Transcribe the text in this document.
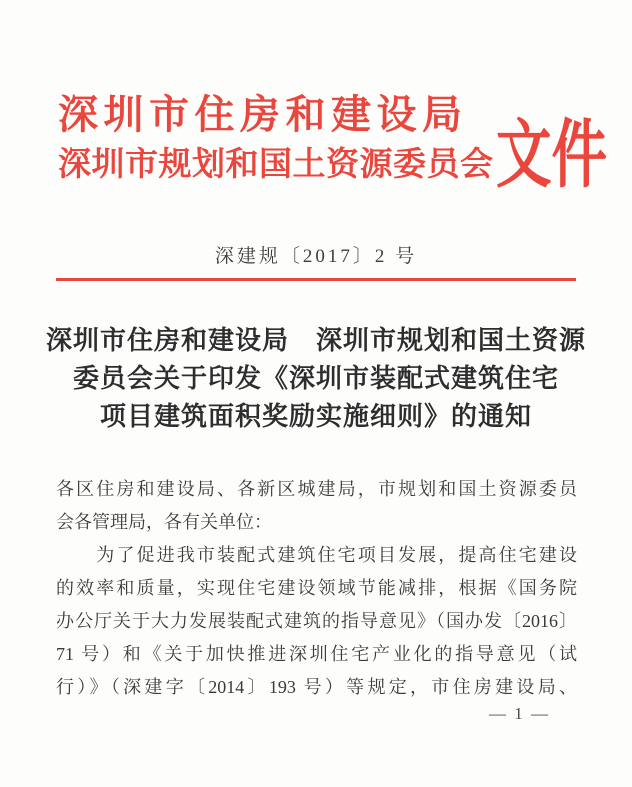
深圳市住房和建设局
深圳市规划和国土资源委员会 文件
深建规〔2017〕2 号
深圳市住房和建设局　深圳市规划和国土资源
委员会关于印发《深圳市装配式建筑住宅
项目建筑面积奖励实施细则》的通知
各区住房和建设局、各新区城建局，市规划和国土资源委员
会各管理局，各有关单位：
　　为了促进我市装配式建筑住宅项目发展，提高住宅建设
的效率和质量，实现住宅建设领域节能减排，根据《国务院
办公厅关于大力发展装配式建筑的指导意见》（国办发〔2016〕
71 号）和《关于加快推进深圳住宅产业化的指导意见（试
行）》（深建字〔2014〕193 号）等规定，市住房建设局、
— 1 —
